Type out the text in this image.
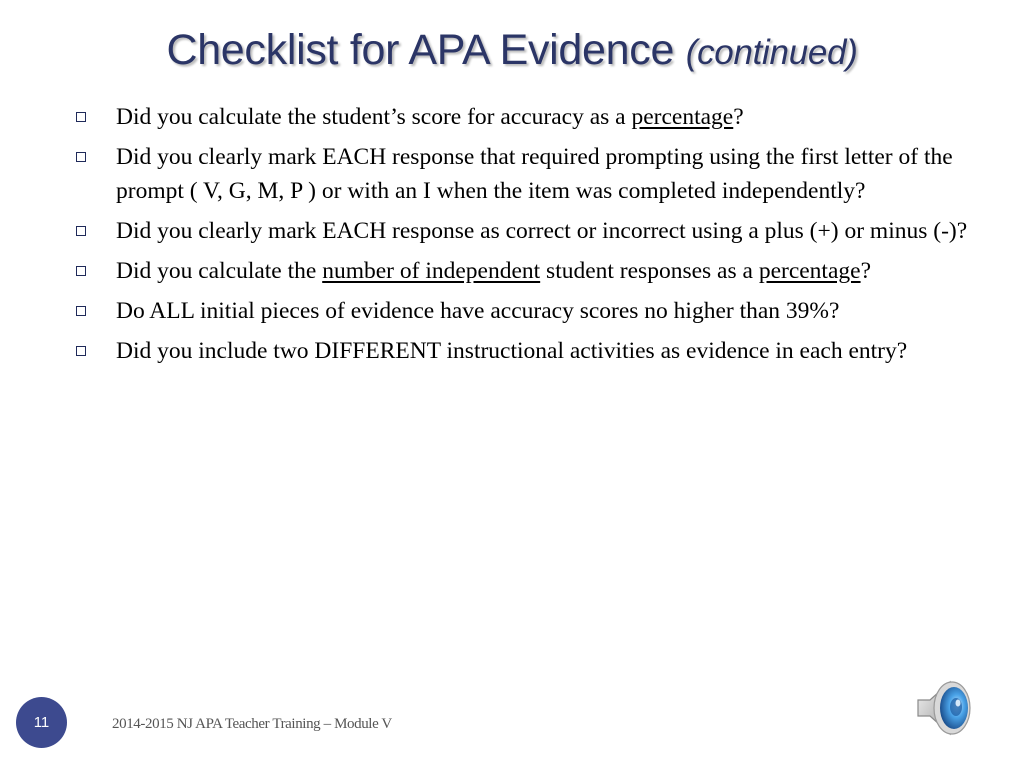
Checklist for APA Evidence (continued)
Did you calculate the student’s score for accuracy as a percentage?
Did you clearly mark EACH response that required prompting using the first letter of the prompt ( V, G, M, P ) or with an I when the item was completed independently?
Did you clearly mark EACH response as correct or incorrect using a plus (+) or minus (-)?
Did you calculate the number of independent student responses as a percentage?
Do ALL initial pieces of evidence have accuracy scores no higher than 39%?
Did you include two DIFFERENT instructional activities as evidence in each entry?
11	2014-2015 NJ APA Teacher Training – Module V
